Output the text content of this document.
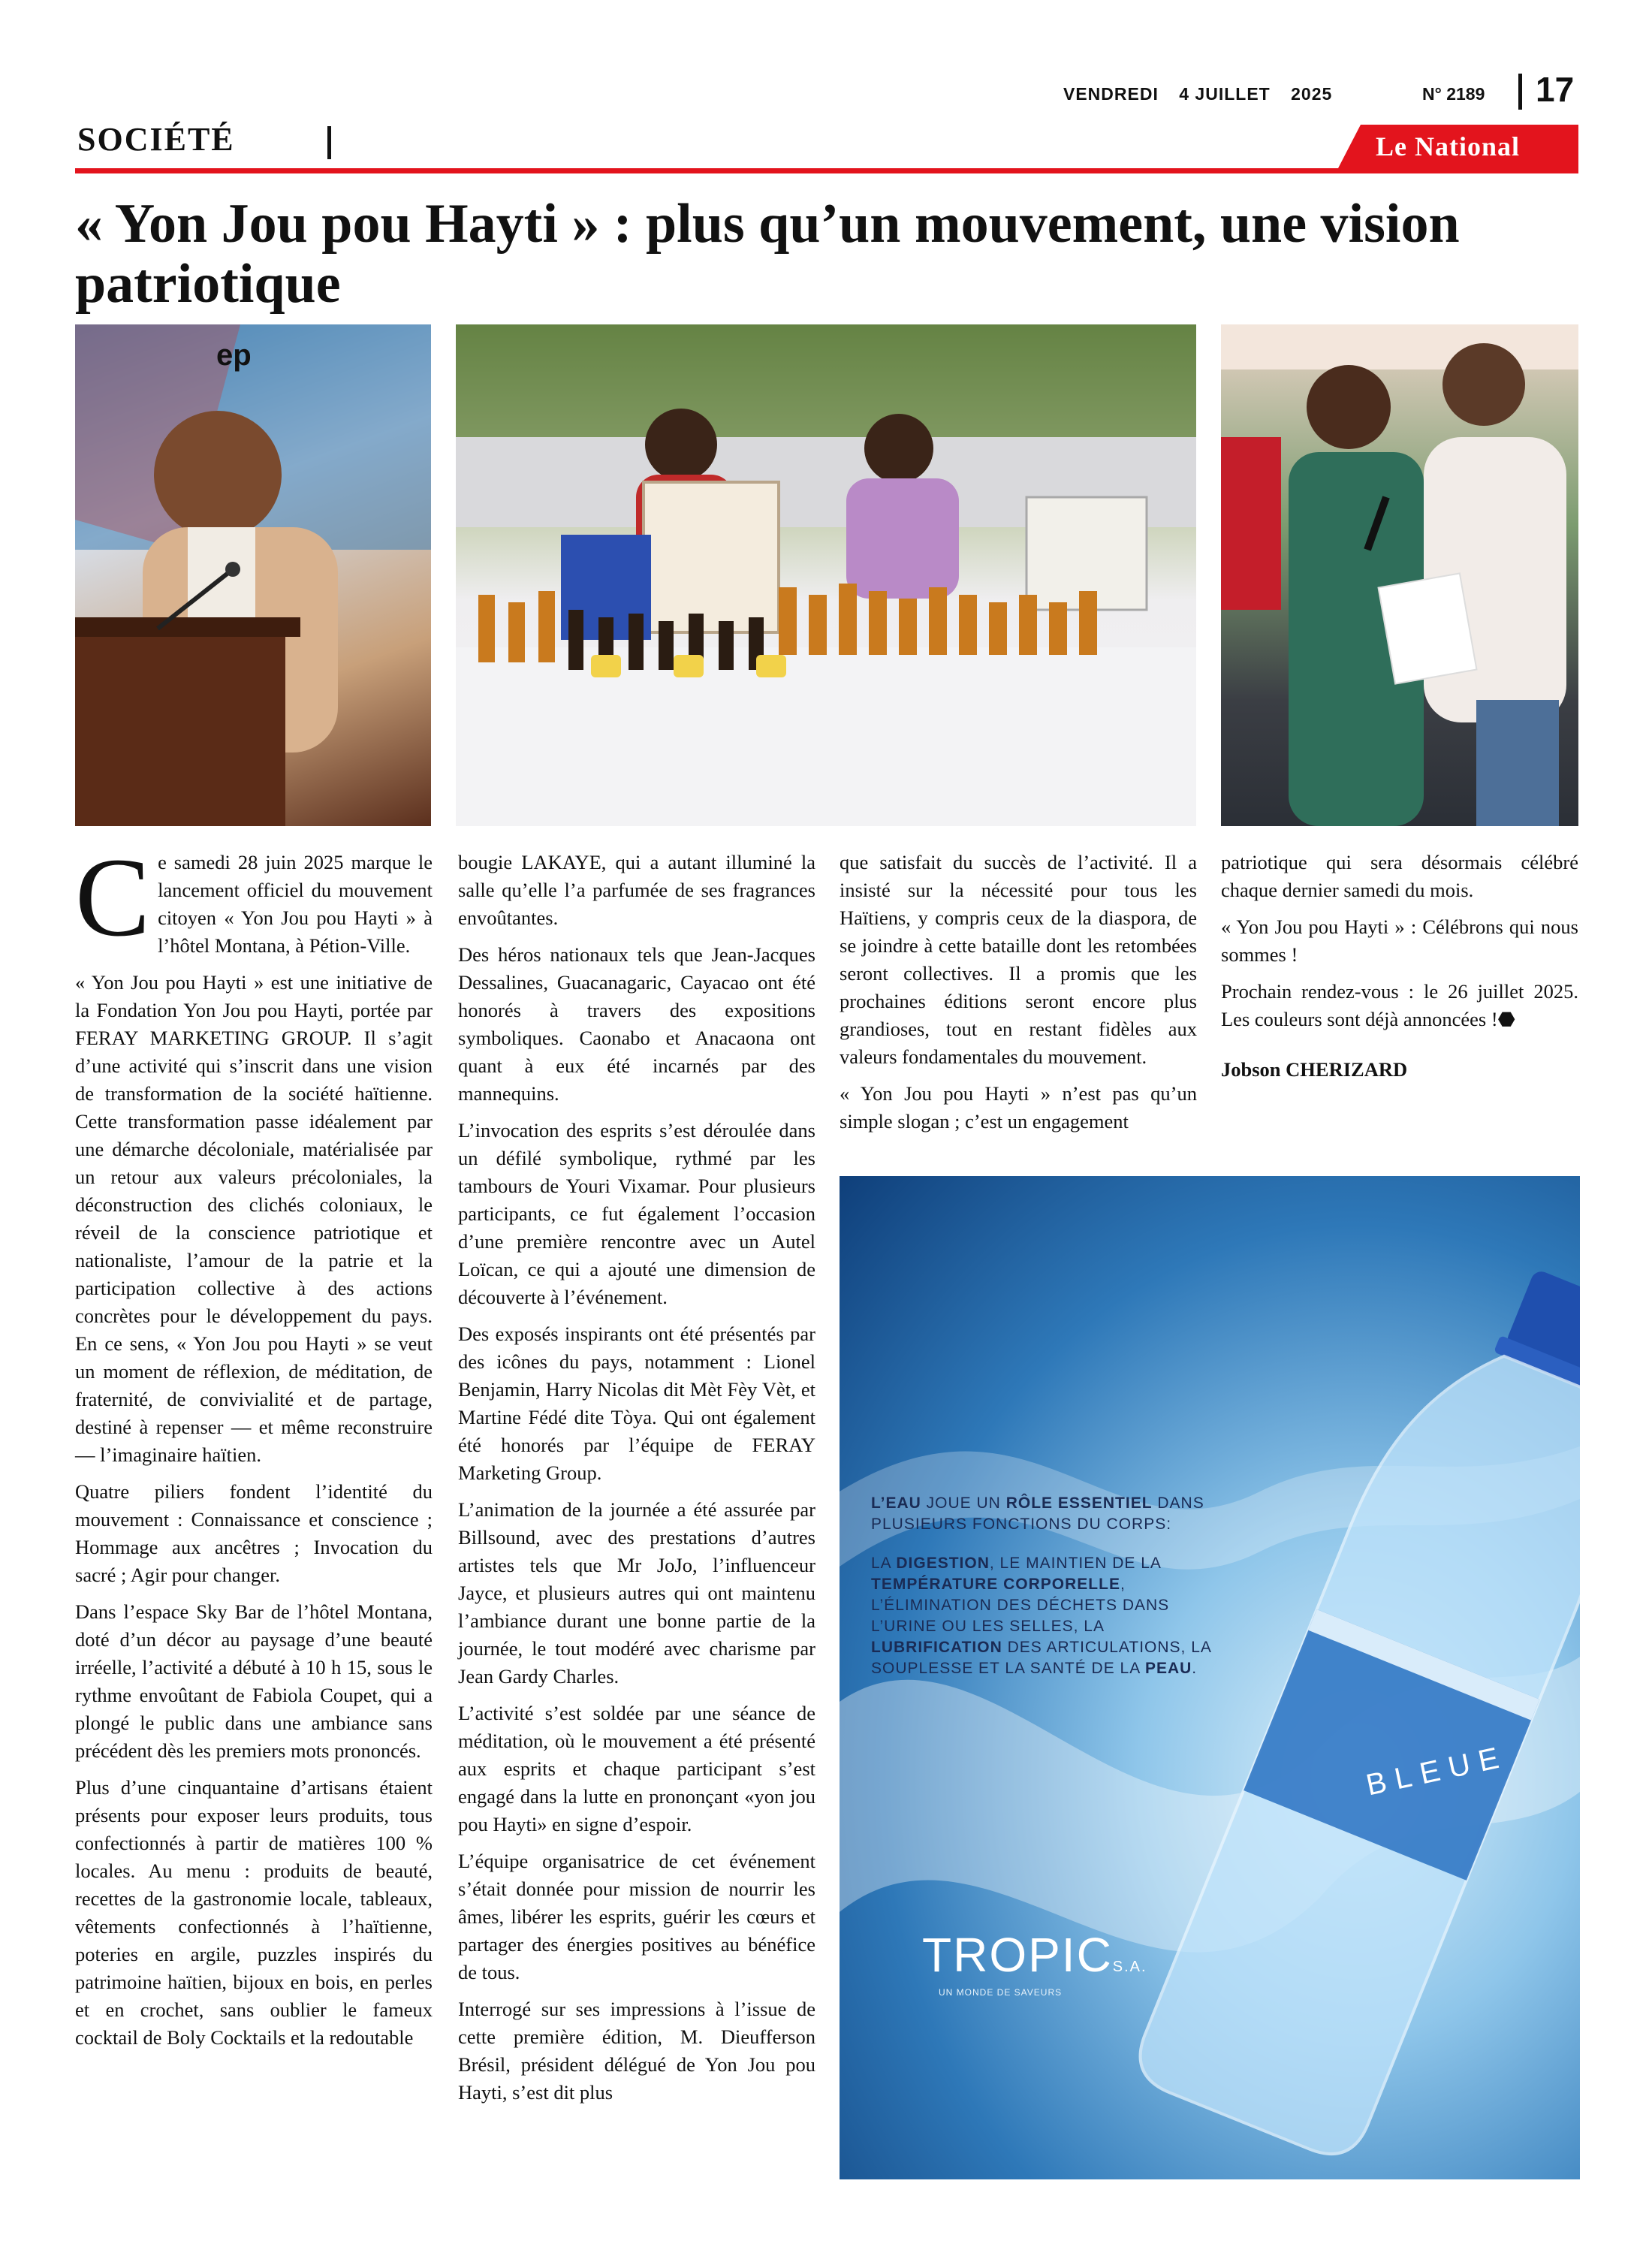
VENDREDI 4 JUILLET 2025	N° 2189 17
SOCIÉTÉ	Le National
« Yon Jou pou Hayti » : plus qu’un mouvement, une vision patriotique
ep

Ce samedi 28 juin 2025 marque le lancement officiel du mouvement citoyen « Yon Jou pou Hayti » à l’hôtel Montana, à Pétion-Ville.

« Yon Jou pou Hayti » est une initiative de la Fondation Yon Jou pou Hayti, portée par FERAY MARKETING GROUP. Il s’agit d’une activité qui s’inscrit dans une vision de transformation de la société haïtienne. Cette transformation passe idéalement par une démarche décoloniale, matérialisée par un retour aux valeurs précoloniales, la déconstruction des clichés coloniaux, le réveil de la conscience patriotique et nationaliste, l’amour de la patrie et la participation collective à des actions concrètes pour le développement du pays. En ce sens, « Yon Jou pou Hayti » se veut un moment de réflexion, de méditation, de fraternité, de convivialité et de partage, destiné à repenser — et même reconstruire — l’imaginaire haïtien.

Quatre piliers fondent l’identité du mouvement : Connaissance et conscience ; Hommage aux ancêtres ; Invocation du sacré ; Agir pour changer.

Dans l’espace Sky Bar de l’hôtel Montana, doté d’un décor au paysage d’une beauté irréelle, l’activité a débuté à 10 h 15, sous le rythme envoûtant de Fabiola Coupet, qui a plongé le public dans une ambiance sans précédent dès les premiers mots prononcés.

Plus d’une cinquantaine d’artisans étaient présents pour exposer leurs produits, tous confectionnés à partir de matières 100 % locales. Au menu : produits de beauté, recettes de la gastronomie locale, tableaux, vêtements confectionnés à l’haïtienne, poteries en argile, puzzles inspirés du patrimoine haïtien, bijoux en bois, en perles et en crochet, sans oublier le fameux cocktail de Boly Cocktails et la redoutable

bougie LAKAYE, qui a autant illuminé la salle qu’elle l’a parfumée de ses fragrances envoûtantes.

Des héros nationaux tels que Jean-Jacques Dessalines, Guacanagaric, Cayacao ont été honorés à travers des expositions symboliques. Caonabo et Anacaona ont quant à eux été incarnés par des mannequins.

L’invocation des esprits s’est déroulée dans un défilé symbolique, rythmé par les tambours de Youri Vixamar. Pour plusieurs participants, ce fut également l’occasion d’une première rencontre avec un Autel Loïcan, ce qui a ajouté une dimension de découverte à l’événement.

Des exposés inspirants ont été présentés par des icônes du pays, notamment : Lionel Benjamin, Harry Nicolas dit Mèt Fèy Vèt, et Martine Fédé dite Tòya. Qui ont également été honorés par l’équipe de FERAY Marketing Group.

L’animation de la journée a été assurée par Billsound, avec des prestations d’autres artistes tels que Mr JoJo, l’influenceur Jayce, et plusieurs autres qui ont maintenu l’ambiance durant une bonne partie de la journée, le tout modéré avec charisme par Jean Gardy Charles.

L’activité s’est soldée par une séance de méditation, où le mouvement a été présenté aux esprits et chaque participant s’est engagé dans la lutte en prononçant «yon jou pou Hayti» en signe d’espoir.

L’équipe organisatrice de cet événement s’était donnée pour mission de nourrir les âmes, libérer les esprits, guérir les cœurs et partager des énergies positives au bénéfice de tous.

Interrogé sur ses impressions à l’issue de cette première édition, M. Dieufferson Brésil, président délégué de Yon Jou pou Hayti, s’est dit plus

que satisfait du succès de l’activité. Il a insisté sur la nécessité pour tous les Haïtiens, y compris ceux de la diaspora, de se joindre à cette bataille dont les retombées seront collectives. Il a promis que les prochaines éditions seront encore plus grandioses, tout en restant fidèles aux valeurs fondamentales du mouvement.

« Yon Jou pou Hayti » n’est pas qu’un simple slogan ; c’est un engagement

patriotique qui sera désormais célébré chaque dernier samedi du mois.

« Yon Jou pou Hayti » : Célébrons qui nous sommes !

Prochain rendez-vous : le 26 juillet 2025. Les couleurs sont déjà annoncées !⬣

Jobson CHERIZARD

L’EAU JOUE UN RÔLE ESSENTIEL DANS
PLUSIEURS FONCTIONS DU CORPS:
LA DIGESTION, LE MAINTIEN DE LA
TEMPÉRATURE CORPORELLE,
L’ÉLIMINATION DES DÉCHETS DANS
L’URINE OU LES SELLES, LA
LUBRIFICATION DES ARTICULATIONS, LA
SOUPLESSE ET LA SANTÉ DE LA PEAU.
BLEUE
TROPICS.A.
UN MONDE DE SAVEURS
